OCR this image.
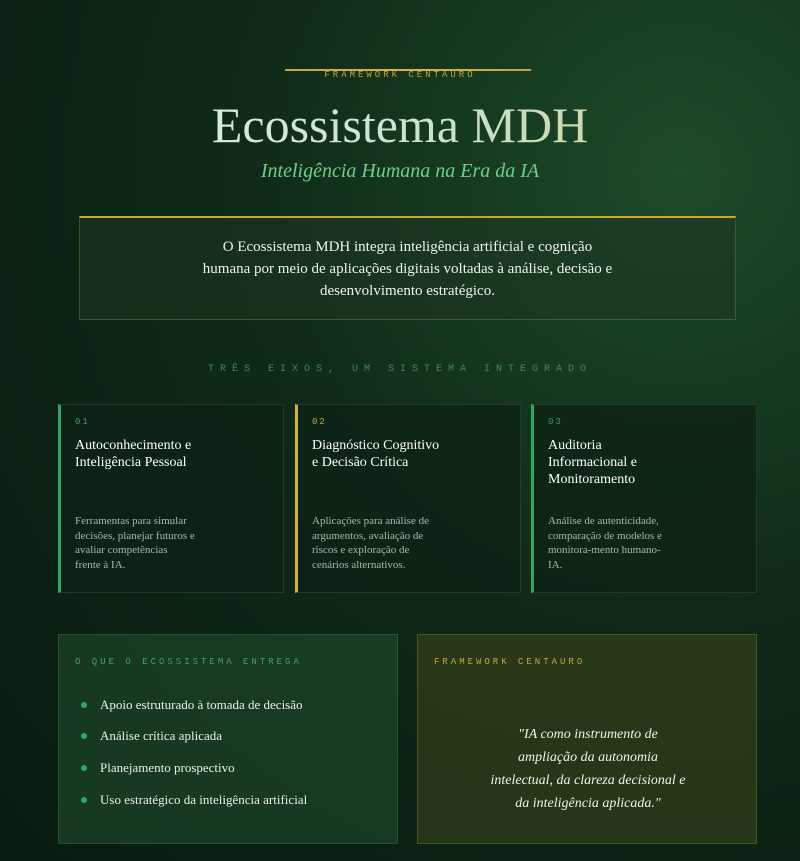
FRAMEWORK CENTAURO
Ecossistema MDH
Inteligência Humana na Era da IA

O Ecossistema MDH integra inteligência artificial e cognição humana por meio de aplicações digitais voltadas à análise, decisão e desenvolvimento estratégico.

TRÊS EIXOS, UM SISTEMA INTEGRADO
01
Autoconhecimento e Inteligência Pessoal
Ferramentas para simular decisões, planejar futuros e avaliar competências frente à IA.
02
Diagnóstico Cognitivo e Decisão Crítica
Aplicações para análise de argumentos, avaliação de riscos e exploração de cenários alternativos.
03
Auditoria Informacional e Monitoramento
Análise de autenticidade, comparação de modelos e monitora-mento humano-IA.
O QUE O ECOSSISTEMA ENTREGA
Apoio estruturado à tomada de decisão
Análise crítica aplicada
Planejamento prospectivo
Uso estratégico da inteligência artificial
FRAMEWORK CENTAURO

"IA como instrumento de ampliação da autonomia intelectual, da clareza decisional e da inteligência aplicada."
